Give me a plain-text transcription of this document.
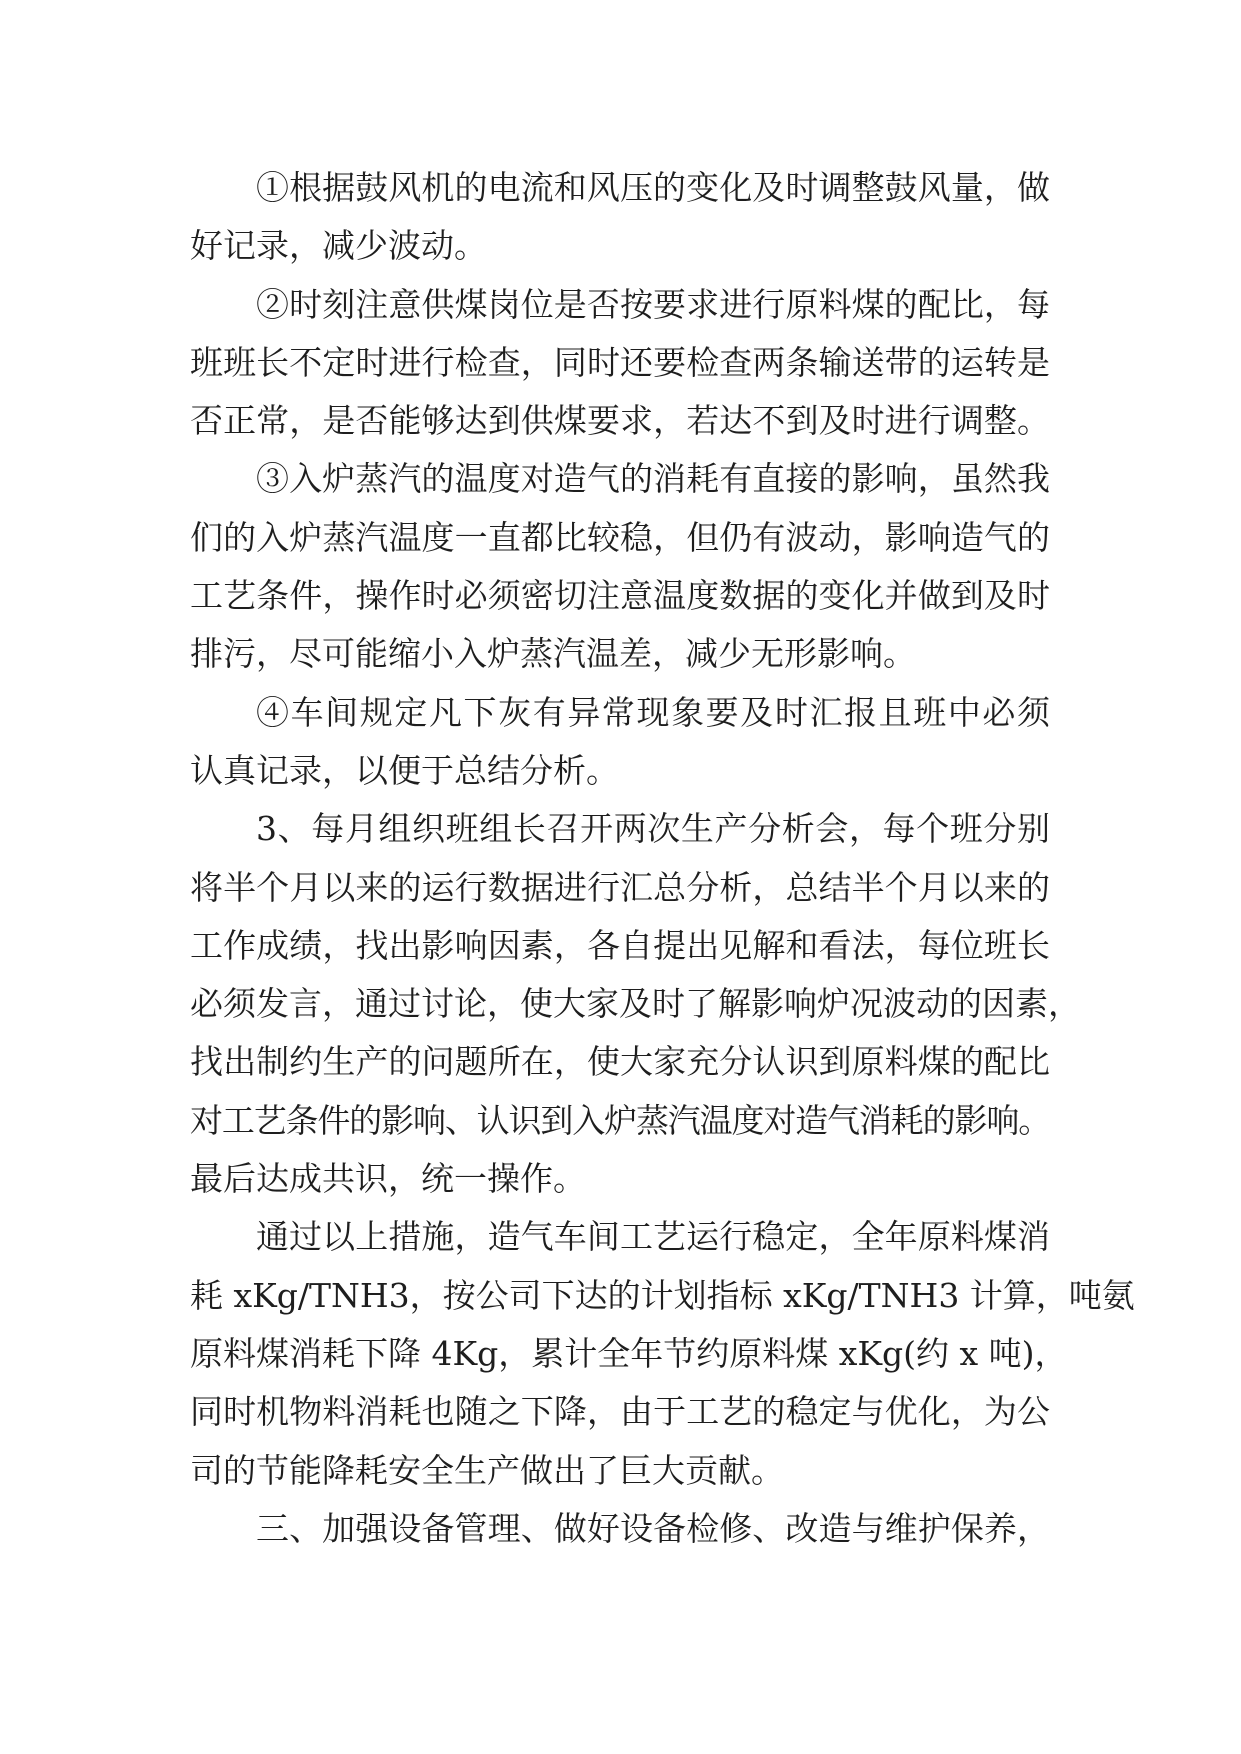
①根据鼓风机的电流和风压的变化及时调整鼓风量，做
好记录，减少波动。
②时刻注意供煤岗位是否按要求进行原料煤的配比，每
班班长不定时进行检查，同时还要检查两条输送带的运转是
否正常，是否能够达到供煤要求，若达不到及时进行调整。
③入炉蒸汽的温度对造气的消耗有直接的影响，虽然我
们的入炉蒸汽温度一直都比较稳，但仍有波动，影响造气的
工艺条件，操作时必须密切注意温度数据的变化并做到及时
排污，尽可能缩小入炉蒸汽温差，减少无形影响。
④车间规定凡下灰有异常现象要及时汇报且班中必须
认真记录，以便于总结分析。
3、每月组织班组长召开两次生产分析会，每个班分别
将半个月以来的运行数据进行汇总分析，总结半个月以来的
工作成绩，找出影响因素，各自提出见解和看法，每位班长
必须发言，通过讨论，使大家及时了解影响炉况波动的因素，
找出制约生产的问题所在，使大家充分认识到原料煤的配比
对工艺条件的影响、认识到入炉蒸汽温度对造气消耗的影响。
最后达成共识，统一操作。
通过以上措施，造气车间工艺运行稳定，全年原料煤消
耗 xKg/TNH3，按公司下达的计划指标 xKg/TNH3 计算，吨氨
原料煤消耗下降 4Kg，累计全年节约原料煤 xKg(约 x 吨)，
同时机物料消耗也随之下降，由于工艺的稳定与优化，为公
司的节能降耗安全生产做出了巨大贡献。
三、加强设备管理、做好设备检修、改造与维护保养，
